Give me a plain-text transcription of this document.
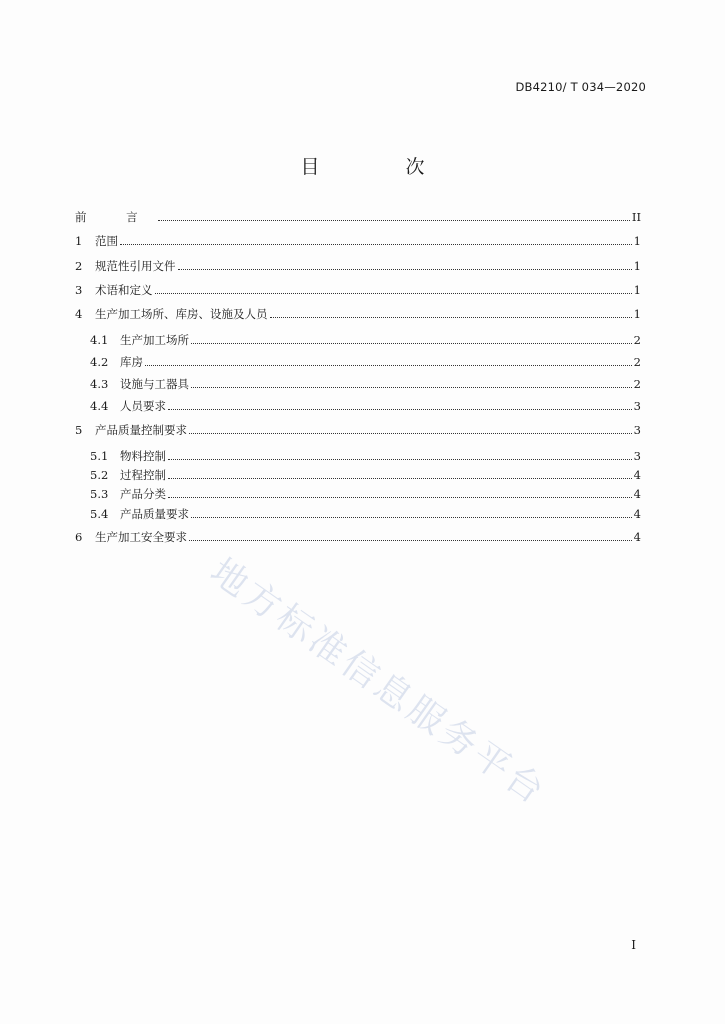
DB4210/ T 034—2020
目 次
前 言	II
1	范围	1
2	规范性引用文件	1
3	术语和定义	1
4	生产加工场所、库房、设施及人员	1
4.1	生产加工场所	2
4.2	库房	2
4.3	设施与工器具	2
4.4	人员要求	3
5	产品质量控制要求	3
5.1	物料控制	3
5.2	过程控制	4
5.3	产品分类	4
5.4	产品质量要求	4
6	生产加工安全要求	4
地方标准信息服务平台
I
